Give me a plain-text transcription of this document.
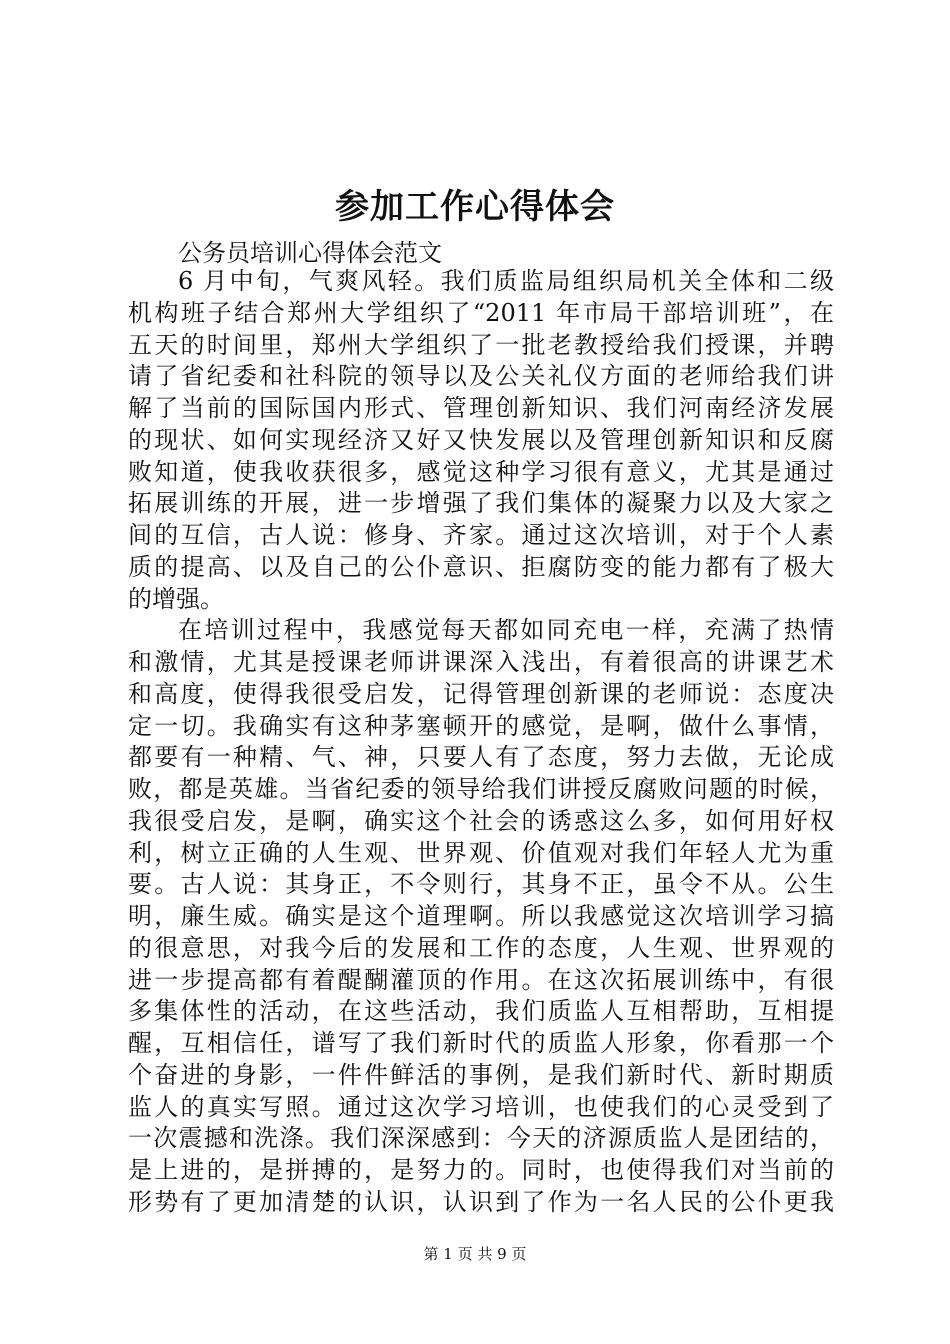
参加工作心得体会
公务员培训心得体会范文
6 月中旬，气爽风轻。我们质监局组织局机关全体和二级
机构班子结合郑州大学组织了“2011 年市局干部培训班”，在
五天的时间里，郑州大学组织了一批老教授给我们授课，并聘
请了省纪委和社科院的领导以及公关礼仪方面的老师给我们讲
解了当前的国际国内形式、管理创新知识、我们河南经济发展
的现状、如何实现经济又好又快发展以及管理创新知识和反腐
败知道，使我收获很多，感觉这种学习很有意义，尤其是通过
拓展训练的开展，进一步增强了我们集体的凝聚力以及大家之
间的互信，古人说：修身、齐家。通过这次培训，对于个人素
质的提高、以及自己的公仆意识、拒腐防变的能力都有了极大
的增强。
在培训过程中，我感觉每天都如同充电一样，充满了热情
和激情，尤其是授课老师讲课深入浅出，有着很高的讲课艺术
和高度，使得我很受启发，记得管理创新课的老师说：态度决
定一切。我确实有这种茅塞顿开的感觉，是啊，做什么事情，
都要有一种精、气、神，只要人有了态度，努力去做，无论成
败，都是英雄。当省纪委的领导给我们讲授反腐败问题的时候，
我很受启发，是啊，确实这个社会的诱惑这么多，如何用好权
利，树立正确的人生观、世界观、价值观对我们年轻人尤为重
要。古人说：其身正，不令则行，其身不正，虽令不从。公生
明，廉生威。确实是这个道理啊。所以我感觉这次培训学习搞
的很意思，对我今后的发展和工作的态度，人生观、世界观的
进一步提高都有着醍醐灌顶的作用。在这次拓展训练中，有很
多集体性的活动，在这些活动，我们质监人互相帮助，互相提
醒，互相信任，谱写了我们新时代的质监人形象，你看那一个
个奋进的身影，一件件鲜活的事例，是我们新时代、新时期质
监人的真实写照。通过这次学习培训，也使我们的心灵受到了
一次震撼和洗涤。我们深深感到：今天的济源质监人是团结的，
是上进的，是拼搏的，是努力的。同时，也使得我们对当前的
形势有了更加清楚的认识，认识到了作为一名人民的公仆更我
第 1 页 共 9 页
